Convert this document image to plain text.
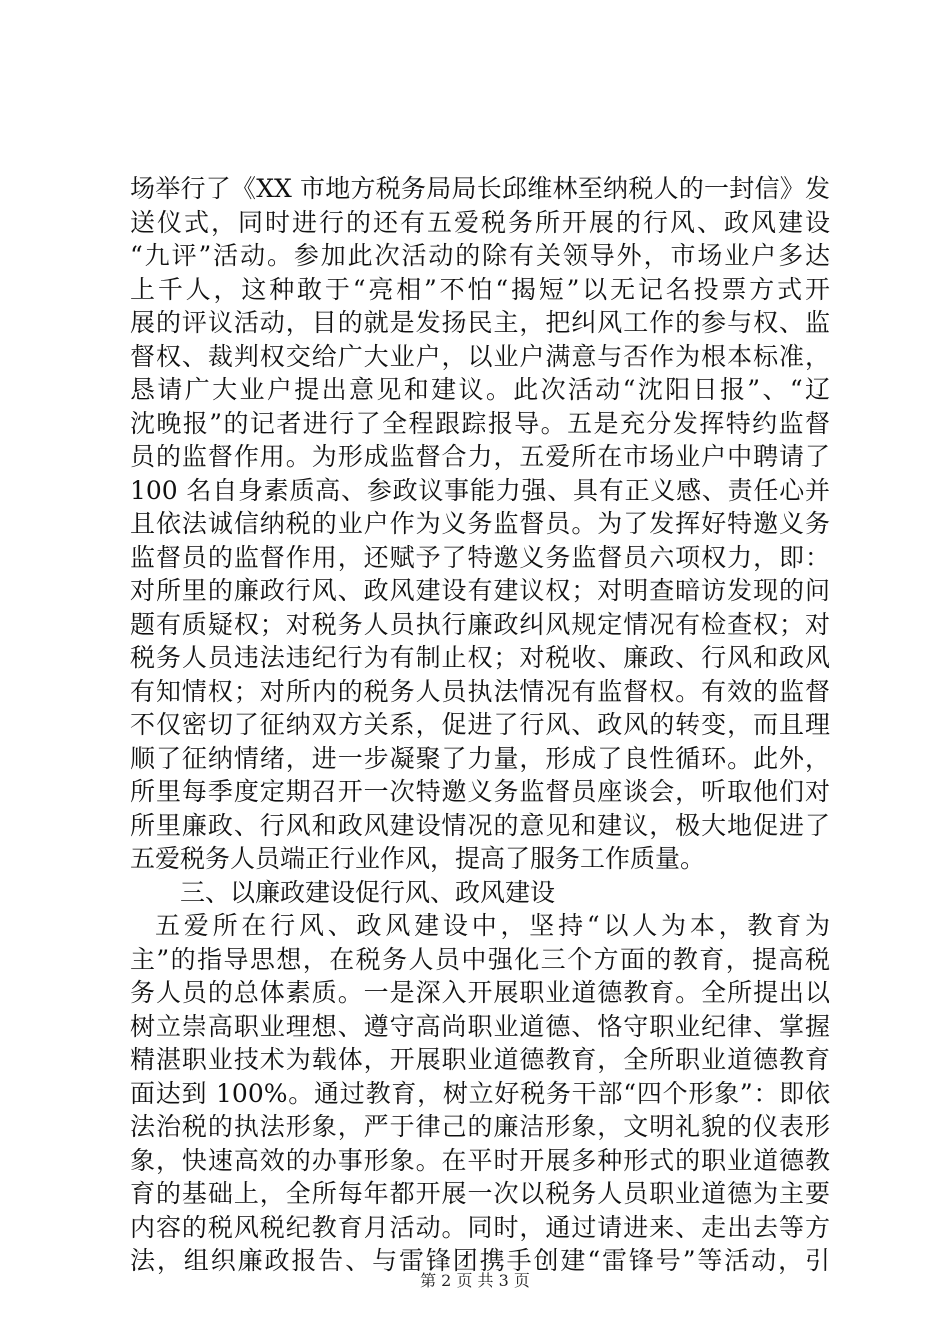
场举行了《XX 市地方税务局局长邱维林至纳税人的一封信》发
送仪式，同时进行的还有五爱税务所开展的行风、政风建设
“九评”活动。参加此次活动的除有关领导外，市场业户多达
上千人，这种敢于“亮相”不怕“揭短”以无记名投票方式开
展的评议活动，目的就是发扬民主，把纠风工作的参与权、监
督权、裁判权交给广大业户，以业户满意与否作为根本标准，
恳请广大业户提出意见和建议。此次活动“沈阳日报”、“辽
沈晚报”的记者进行了全程跟踪报导。五是充分发挥特约监督
员的监督作用。为形成监督合力，五爱所在市场业户中聘请了
100 名自身素质高、参政议事能力强、具有正义感、责任心并
且依法诚信纳税的业户作为义务监督员。为了发挥好特邀义务
监督员的监督作用，还赋予了特邀义务监督员六项权力，即：
对所里的廉政行风、政风建设有建议权；对明查暗访发现的问
题有质疑权；对税务人员执行廉政纠风规定情况有检查权；对
税务人员违法违纪行为有制止权；对税收、廉政、行风和政风
有知情权；对所内的税务人员执法情况有监督权。有效的监督
不仅密切了征纳双方关系，促进了行风、政风的转变，而且理
顺了征纳情绪，进一步凝聚了力量，形成了良性循环。此外，
所里每季度定期召开一次特邀义务监督员座谈会，听取他们对
所里廉政、行风和政风建设情况的意见和建议，极大地促进了
五爱税务人员端正行业作风，提高了服务工作质量。
三、以廉政建设促行风、政风建设
五爱所在行风、政风建设中，坚持“以人为本，教育为
主”的指导思想，在税务人员中强化三个方面的教育，提高税
务人员的总体素质。一是深入开展职业道德教育。全所提出以
树立崇高职业理想、遵守高尚职业道德、恪守职业纪律、掌握
精湛职业技术为载体，开展职业道德教育，全所职业道德教育
面达到 100%。通过教育，树立好税务干部“四个形象”：即依
法治税的执法形象，严于律己的廉洁形象，文明礼貌的仪表形
象，快速高效的办事形象。在平时开展多种形式的职业道德教
育的基础上，全所每年都开展一次以税务人员职业道德为主要
内容的税风税纪教育月活动。同时，通过请进来、走出去等方
法，组织廉政报告、与雷锋团携手创建“雷锋号”等活动，引
第 2 页 共 3 页
